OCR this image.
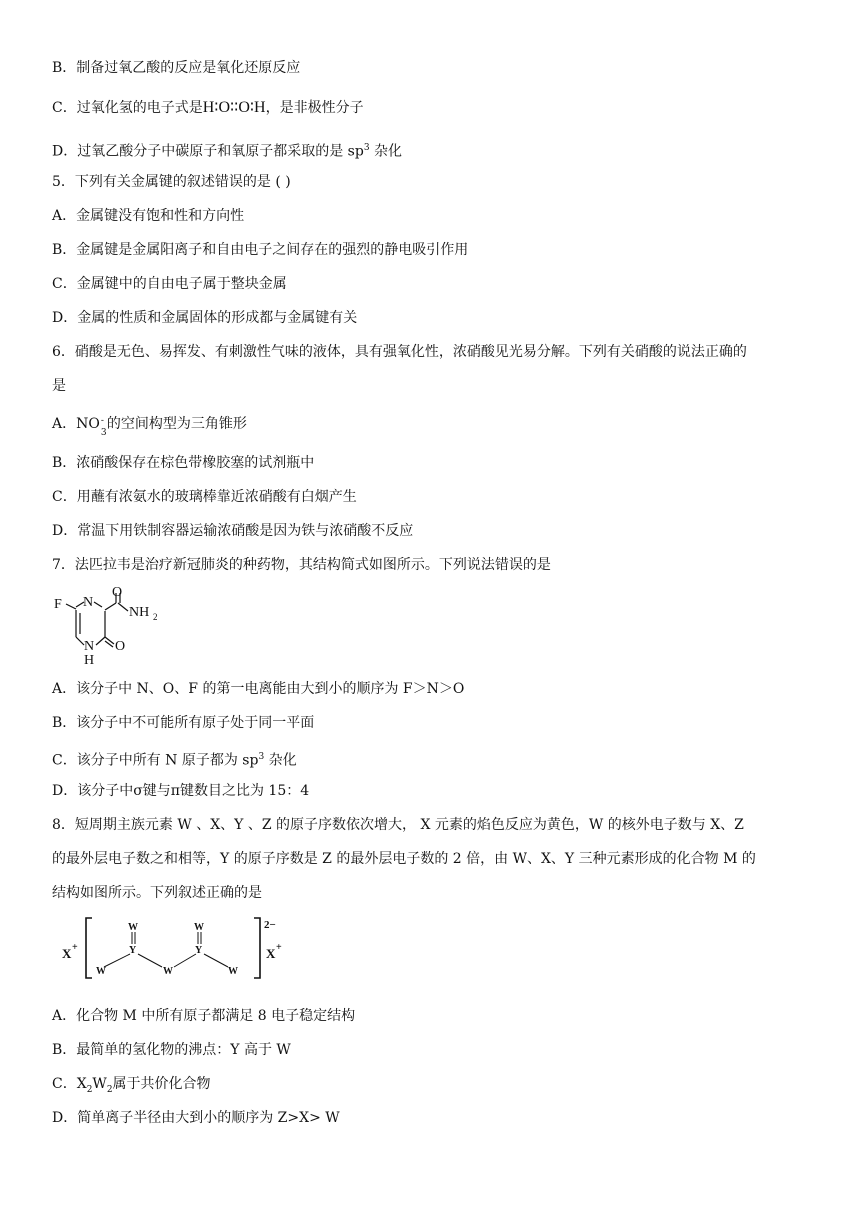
B．制备过氧乙酸的反应是氧化还原反应
C．过氧化氢的电子式是H∶O∶∶O∶H，是非极性分子
D．过氧乙酸分子中碳原子和氧原子都采取的是 $sp^3$ 杂化
5．下列有关金属键的叙述错误的是 ( )
A．金属键没有饱和性和方向性
B．金属键是金属阳离子和自由电子之间存在的强烈的静电吸引作用
C．金属键中的自由电子属于整块金属
D．金属的性质和金属固体的形成都与金属键有关
6．硝酸是无色、易挥发、有刺激性气味的液体，具有强氧化性，浓硝酸见光易分解。下列有关硝酸的说法正确的
是
A．NO -
3
的空间构型为三角锥形
B．浓硝酸保存在棕色带橡胶塞的试剂瓶中
C．用蘸有浓氨水的玻璃棒靠近浓硝酸有白烟产生
D．常温下用铁制容器运输浓硝酸是因为铁与浓硝酸不反应
7．法匹拉韦是治疗新冠肺炎的种药物，其结构简式如图所示。下列说法错误的是
F N
O
NH 2
N
H
O
A．该分子中 N、O、F 的第一电离能由大到小的顺序为 F＞N＞O
B．该分子中不可能所有原子处于同一平面
C．该分子中所有 N 原子都为 $sp^3$ 杂化
D．该分子中σ键与π键数目之比为 15：4
8．短周期主族元素 W 、X、Y 、Z 的原子序数依次增大， X 元素的焰色反应为黄色，W 的核外电子数与 X、Z
的最外层电子数之和相等，Y 的原子序数是 Z 的最外层电子数的 2 倍，由 W、X、Y 三种元素形成的化合物 M 的
结构如图所示。下列叙述正确的是
X +	X +
2−
W
Y
W	W
W
Y
W
A．化合物 M 中所有原子都满足 8 电子稳定结构
B．最简单的氢化物的沸点：Y 高于 W
C．$X_2W_2$属于共价化合物
D．简单离子半径由大到小的顺序为 Z>X> W
